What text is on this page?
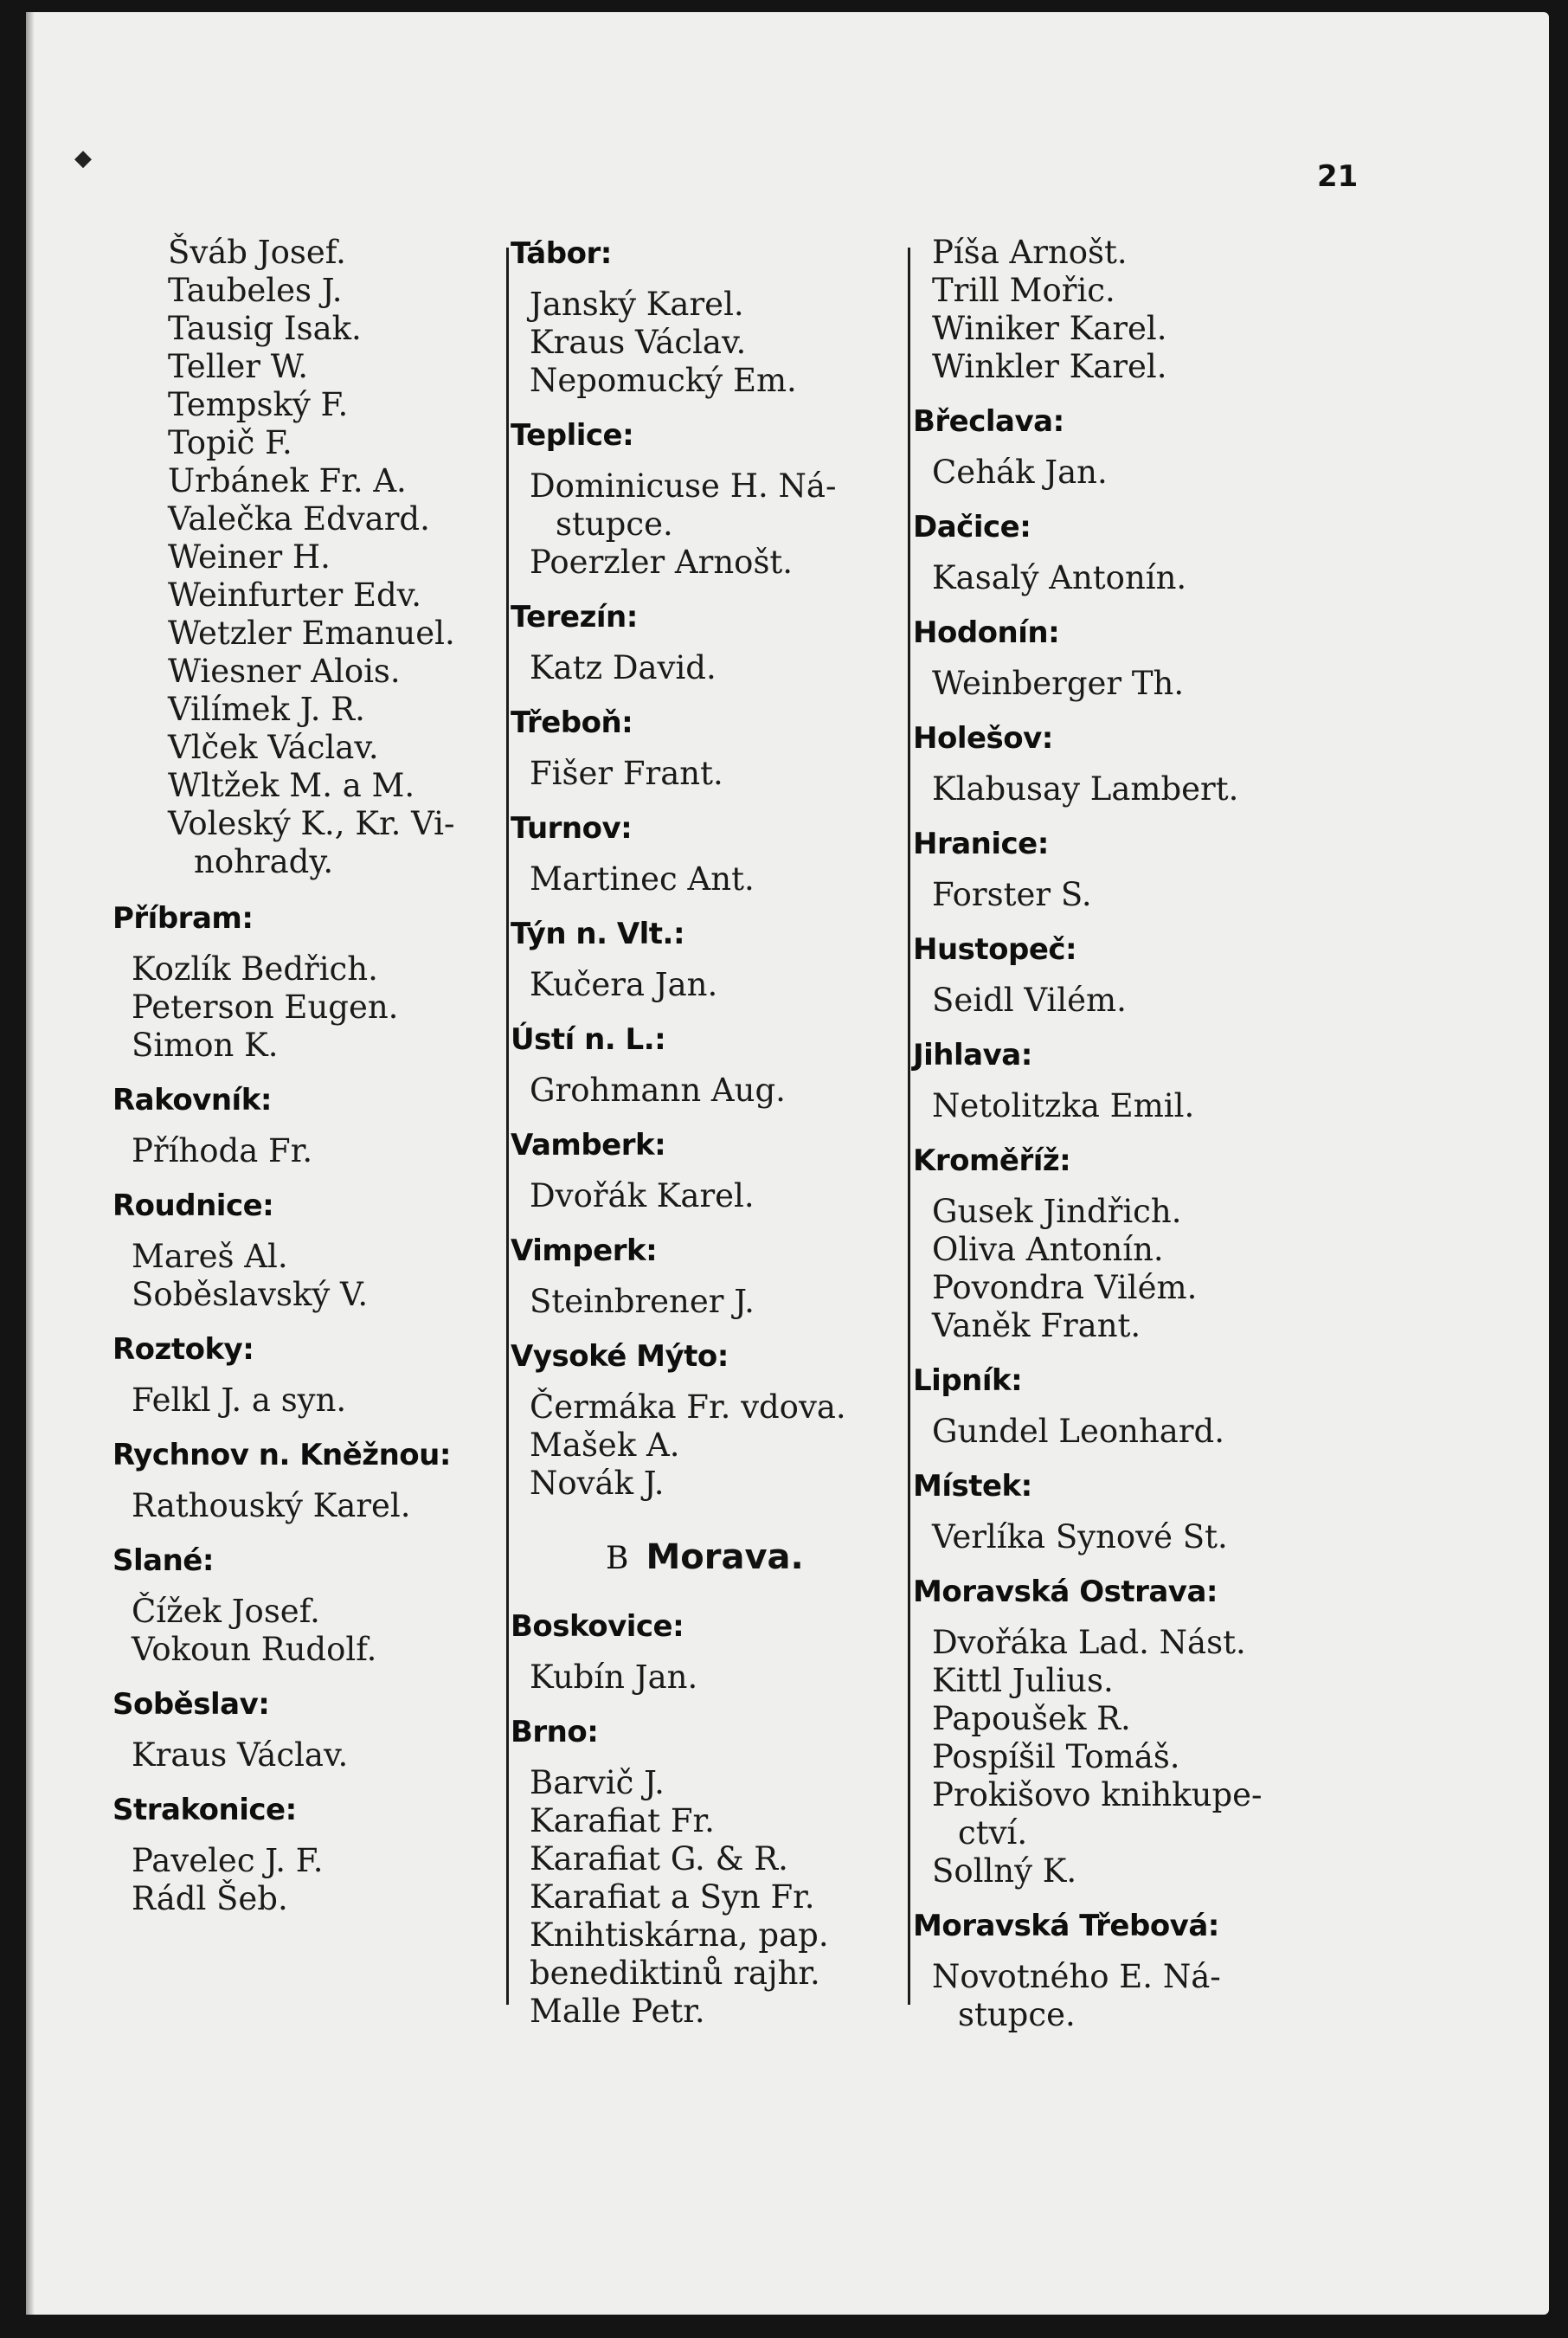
21
◆
Šváb Josef.
Taubeles J.
Tausig Isak.
Teller W.
Tempský F.
Topič F.
Urbánek Fr. A.
Valečka Edvard.
Weiner H.
Weinfurter Edv.
Wetzler Emanuel.
Wiesner Alois.
Vilímek J. R.
Vlček Václav.
Wltžek M. a M.
Voleský K., Kr. Vi-
nohrady.
Příbram:
Kozlík Bedřich.
Peterson Eugen.
Simon K.
Rakovník:
Příhoda Fr.
Roudnice:
Mareš Al.
Soběslavský V.
Roztoky:
Felkl J. a syn.
Rychnov n. Kněžnou:
Rathouský Karel.
Slané:
Čížek Josef.
Vokoun Rudolf.
Soběslav:
Kraus Václav.
Strakonice:
Pavelec J. F.
Rádl Šeb.
Tábor:
Janský Karel.
Kraus Václav.
Nepomucký Em.
Teplice:
Dominicuse H. Ná-
stupce.
Poerzler Arnošt.
Terezín:
Katz David.
Třeboň:
Fišer Frant.
Turnov:
Martinec Ant.
Týn n. Vlt.:
Kučera Jan.
Ústí n. L.:
Grohmann Aug.
Vamberk:
Dvořák Karel.
Vimperk:
Steinbrener J.
Vysoké Mýto:
Čermáka Fr. vdova.
Mašek A.
Novák J.
B Morava.
Boskovice:
Kubín Jan.
Brno:
Barvič J.
Karafiat Fr.
Karafiat G. & R.
Karafiat a Syn Fr.
Knihtiskárna, pap.
benediktinů rajhr.
Malle Petr.
Píša Arnošt.
Trill Mořic.
Winiker Karel.
Winkler Karel.
Břeclava:
Cehák Jan.
Dačice:
Kasalý Antonín.
Hodonín:
Weinberger Th.
Holešov:
Klabusay Lambert.
Hranice:
Forster S.
Hustopeč:
Seidl Vilém.
Jihlava:
Netolitzka Emil.
Kroměříž:
Gusek Jindřich.
Oliva Antonín.
Povondra Vilém.
Vaněk Frant.
Lipník:
Gundel Leonhard.
Místek:
Verlíka Synové St.
Moravská Ostrava:
Dvořáka Lad. Nást.
Kittl Julius.
Papoušek R.
Pospíšil Tomáš.
Prokišovo knihkupe-
ctví.
Sollný K.
Moravská Třebová:
Novotného E. Ná-
stupce.
